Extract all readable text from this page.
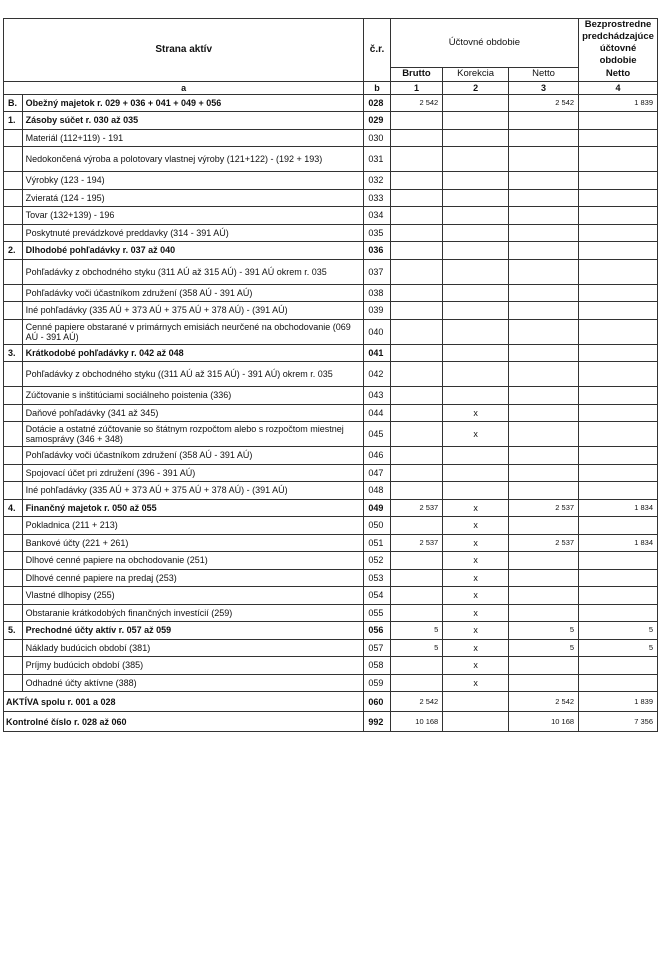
Strana aktív		č.r.	Účtovné obdobie			Bezprostredne predchádzajúce účtovné obdobie
			Brutto	Korekcia	Netto	Netto
a		b	1	2	3	4
B.	Obežný majetok r. 029 + 036 + 041 + 049 + 056	028	2 542		2 542	1 839
1.	Zásoby súčet r. 030 až 035	029				
	Materiál (112+119) - 191	030				
	Nedokončená výroba a polotovary vlastnej výroby (121+122) - (192 + 193)	031				
	Výrobky (123 - 194)	032				
	Zvieratá (124 - 195)	033				
	Tovar (132+139) - 196	034				
	Poskytnuté prevádzkové preddavky (314 - 391 AÚ)	035				
2.	Dlhodobé pohľadávky r. 037 až 040	036				
	Pohľadávky z obchodného styku (311 AÚ až 315 AÚ) - 391 AÚ okrem r. 035	037				
	Pohľadávky voči účastníkom združení (358 AÚ - 391 AÚ)	038				
	Iné pohľadávky (335 AÚ + 373 AÚ + 375 AÚ + 378 AÚ) - (391 AÚ)	039				
	Cenné papiere obstarané v primárnych emisiách neurčené na obchodovanie (069 AÚ - 391 AÚ)	040				
3.	Krátkodobé pohľadávky r. 042 až 048	041				
	Pohľadávky z obchodného styku ((311 AÚ až 315 AÚ) - 391 AÚ) okrem r. 035	042				
	Zúčtovanie s inštitúciami sociálneho poistenia (336)	043				
	Daňové pohľadávky (341 až 345)	044		x		
	Dotácie a ostatné zúčtovanie so štátnym rozpočtom alebo s rozpočtom miestnej samosprávy (346 + 348)	045		x		
	Pohľadávky voči účastníkom združení (358 AÚ - 391 AÚ)	046				
	Spojovací účet pri združení (396 - 391 AÚ)	047				
	Iné pohľadávky (335 AÚ + 373 AÚ + 375 AÚ + 378 AÚ) - (391 AÚ)	048				
4.	Finančný majetok r. 050 až 055	049	2 537	x	2 537	1 834
	Pokladnica (211 + 213)	050		x		
	Bankové účty (221 + 261)	051	2 537	x	2 537	1 834
	Dlhové cenné papiere na obchodovanie (251)	052		x		
	Dlhové cenné papiere na predaj (253)	053		x		
	Vlastné dlhopisy (255)	054		x		
	Obstaranie krátkodobých finančných investícií (259)	055		x		
5.	Prechodné účty aktív r. 057 až 059	056	5	x	5	5
	Náklady budúcich období (381)	057	5	x	5	5
	Príjmy budúcich období (385)	058		x		
	Odhadné účty aktívne (388)	059		x		
AKTÍVA spolu r. 001 a 028		060	2 542		2 542	1 839
Kontrolné číslo r. 028 až 060		992	10 168		10 168	7 356
